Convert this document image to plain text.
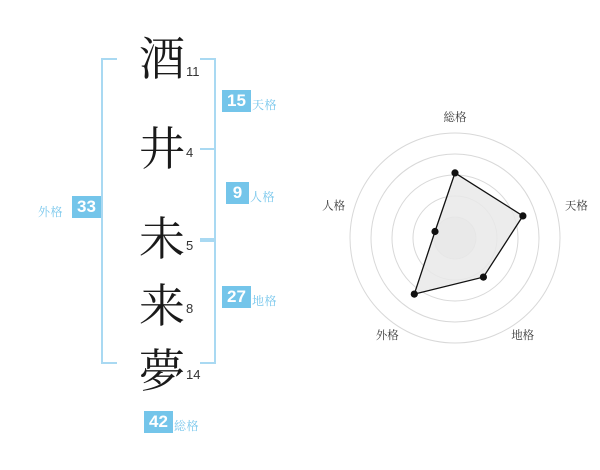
酒
井
未
来
夢
11
4
5
8
14
15 天格
9 人格
27 地格
外格 33
42 総格
総格
天格
地格
外格
人格
